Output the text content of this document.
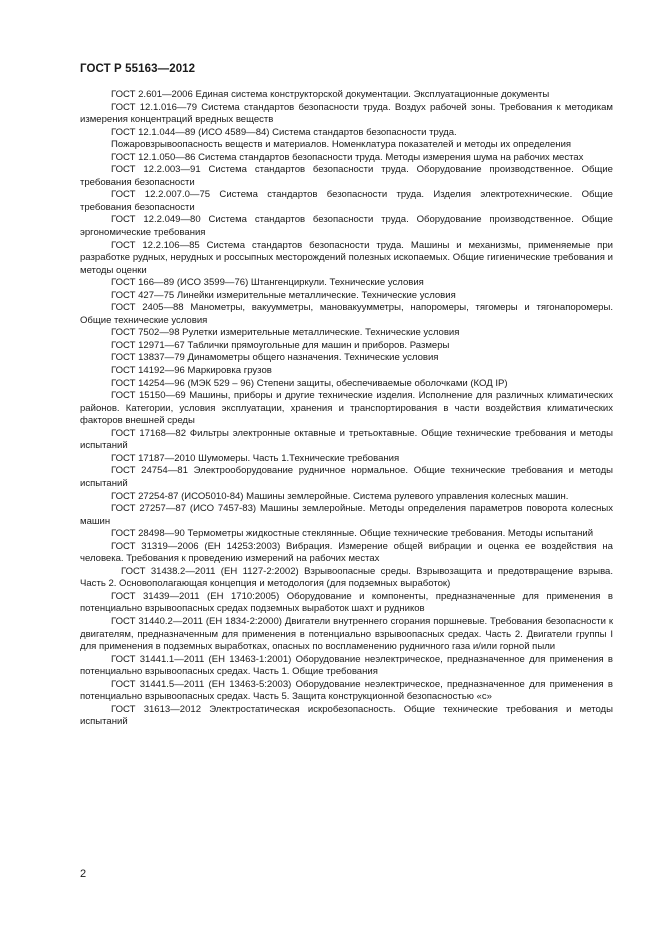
ГОСТ Р 55163—2012

ГОСТ 2.601—2006 Единая система конструкторской документации. Эксплуатационные документы

ГОСТ 12.1.016—79 Система стандартов безопасности труда. Воздух рабочей зоны. Требования к методикам измерения концентраций вредных веществ

ГОСТ 12.1.044—89 (ИСО 4589—84) Система стандартов безопасности труда.

Пожаровзрывоопасность веществ и материалов. Номенклатура показателей и методы их определения

ГОСТ 12.1.050—86 Система стандартов безопасности труда. Методы измерения шума на рабочих местах

ГОСТ 12.2.003—91 Система стандартов безопасности труда. Оборудование производственное. Общие требования безопасности

ГОСТ 12.2.007.0—75 Система стандартов безопасности труда. Изделия электротехнические. Общие требования безопасности

ГОСТ 12.2.049—80 Система стандартов безопасности труда. Оборудование производственное. Общие эргономические требования

ГОСТ 12.2.106—85 Система стандартов безопасности труда. Машины и механизмы, применяемые при разработке рудных, нерудных и россыпных месторождений полезных ископаемых. Общие гигиенические требования и методы оценки

ГОСТ 166—89 (ИСО 3599—76) Штангенциркули. Технические условия

ГОСТ 427—75 Линейки измерительные металлические. Технические условия

ГОСТ 2405—88 Манометры, вакуумметры, мановакуумметры, напоромеры, тягомеры и тягонапоромеры. Общие технические условия

ГОСТ 7502—98 Рулетки измерительные металлические. Технические условия

ГОСТ 12971—67 Таблички прямоугольные для машин и приборов. Размеры

ГОСТ 13837—79 Динамометры общего назначения. Технические условия

ГОСТ 14192—96 Маркировка грузов

ГОСТ 14254—96 (МЭК 529 – 96) Степени защиты, обеспечиваемые оболочками (КОД IP)

ГОСТ 15150—69 Машины, приборы и другие технические изделия. Исполнение для различных климатических районов. Категории, условия эксплуатации, хранения и транспортирования в части воздействия климатических факторов внешней среды

ГОСТ 17168—82 Фильтры электронные октавные и третьоктавные. Общие технические требования и методы испытаний

ГОСТ 17187—2010 Шумомеры. Часть 1.Технические требования

ГОСТ 24754—81 Электрооборудование рудничное нормальное. Общие технические требования и методы испытаний

ГОСТ 27254-87 (ИСО5010-84) Машины землеройные. Система рулевого управления колесных машин.

ГОСТ 27257—87 (ИСО 7457-83) Машины землеройные. Методы определения параметров поворота колесных машин

ГОСТ 28498—90 Термометры жидкостные стеклянные. Общие технические требования. Методы испытаний

ГОСТ 31319—2006 (ЕН 14253:2003) Вибрация. Измерение общей вибрации и оценка ее воздействия на человека. Требования к проведению измерений на рабочих местах

ГОСТ 31438.2—2011 (ЕН 1127-2:2002) Взрывоопасные среды. Взрывозащита и предотвращение взрыва. Часть 2. Основополагающая концепция и методология (для подземных выработок)

ГОСТ 31439—2011 (ЕН 1710:2005) Оборудование и компоненты, предназначенные для применения в потенциально взрывоопасных средах подземных выработок шахт и рудников

ГОСТ 31440.2—2011 (ЕН 1834-2:2000) Двигатели внутреннего сгорания поршневые. Требования безопасности к двигателям, предназначенным для применения в потенциально взрывоопасных средах. Часть 2. Двигатели группы I для применения в подземных выработках, опасных по воспламенению рудничного газа и/или горной пыли

ГОСТ 31441.1—2011 (ЕН 13463-1:2001) Оборудование неэлектрическое, предназначенное для применения в потенциально взрывоопасных средах. Часть 1. Общие требования

ГОСТ 31441.5—2011 (ЕН 13463-5:2003) Оборудование неэлектрическое, предназначенное для применения в потенциально взрывоопасных средах. Часть 5. Защита конструкционной безопасностью «c»

ГОСТ 31613—2012 Электростатическая искробезопасность. Общие технические требования и методы испытаний

2
